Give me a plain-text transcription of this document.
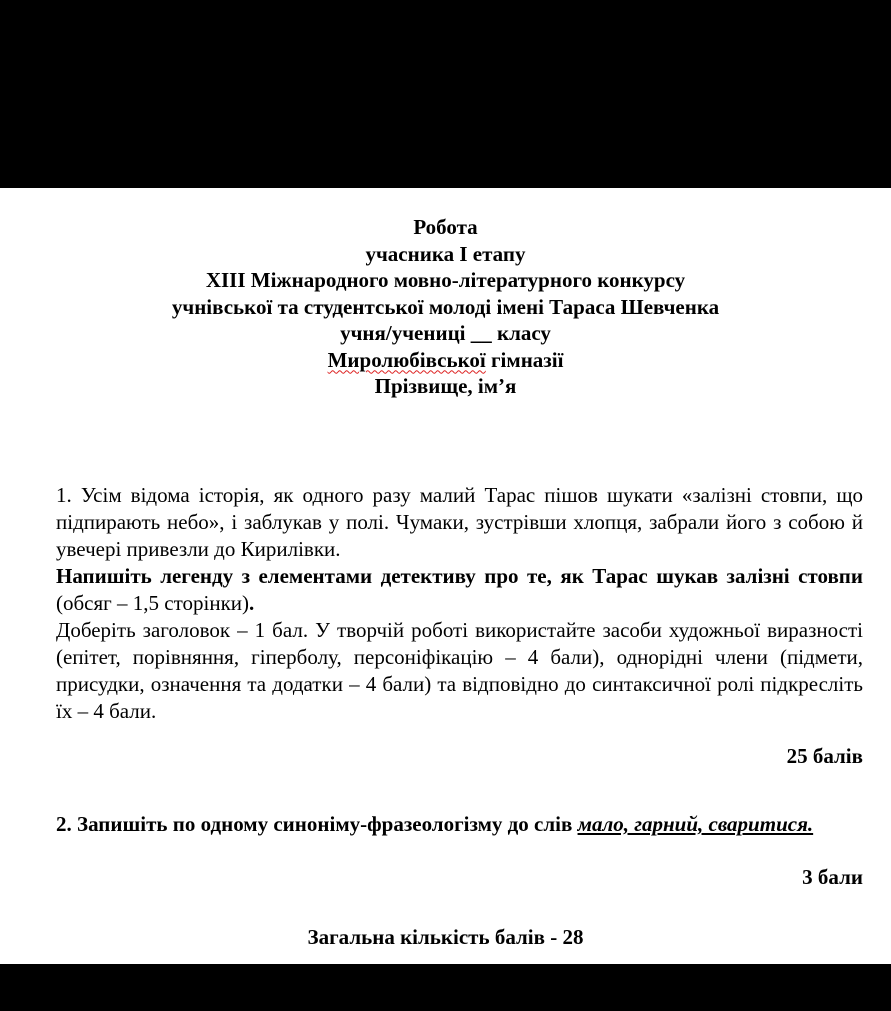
Робота
учасника І етапу
ХІІІ Міжнародного мовно-літературного конкурсу
учнівської та студентської молоді імені Тараса Шевченка
учня/учениці __ класу
Миролюбівської гімназії
Прізвище, ім’я

1. Усім відома історія, як одного разу малий Тарас пішов шукати «залізні стовпи, що підпирають небо», і заблукав у полі. Чумаки, зустрівши хлопця, забрали його з собою й увечері привезли до Кирилівки.

Напишіть легенду з елементами детективу про те, як Тарас шукав залізні стовпи (обсяг – 1,5 сторінки).

Доберіть заголовок – 1 бал. У творчій роботі використайте засоби художньої виразності (епітет, порівняння, гіперболу, персоніфікацію – 4 бали), однорідні члени (підмети, присудки, означення та додатки – 4 бали) та відповідно до синтаксичної ролі підкресліть їх – 4 бали.

25 балів
2. Запишіть по одному синоніму-фразеологізму до слів мало, гарний, сваритися.
3 бали
Загальна кількість балів - 28
